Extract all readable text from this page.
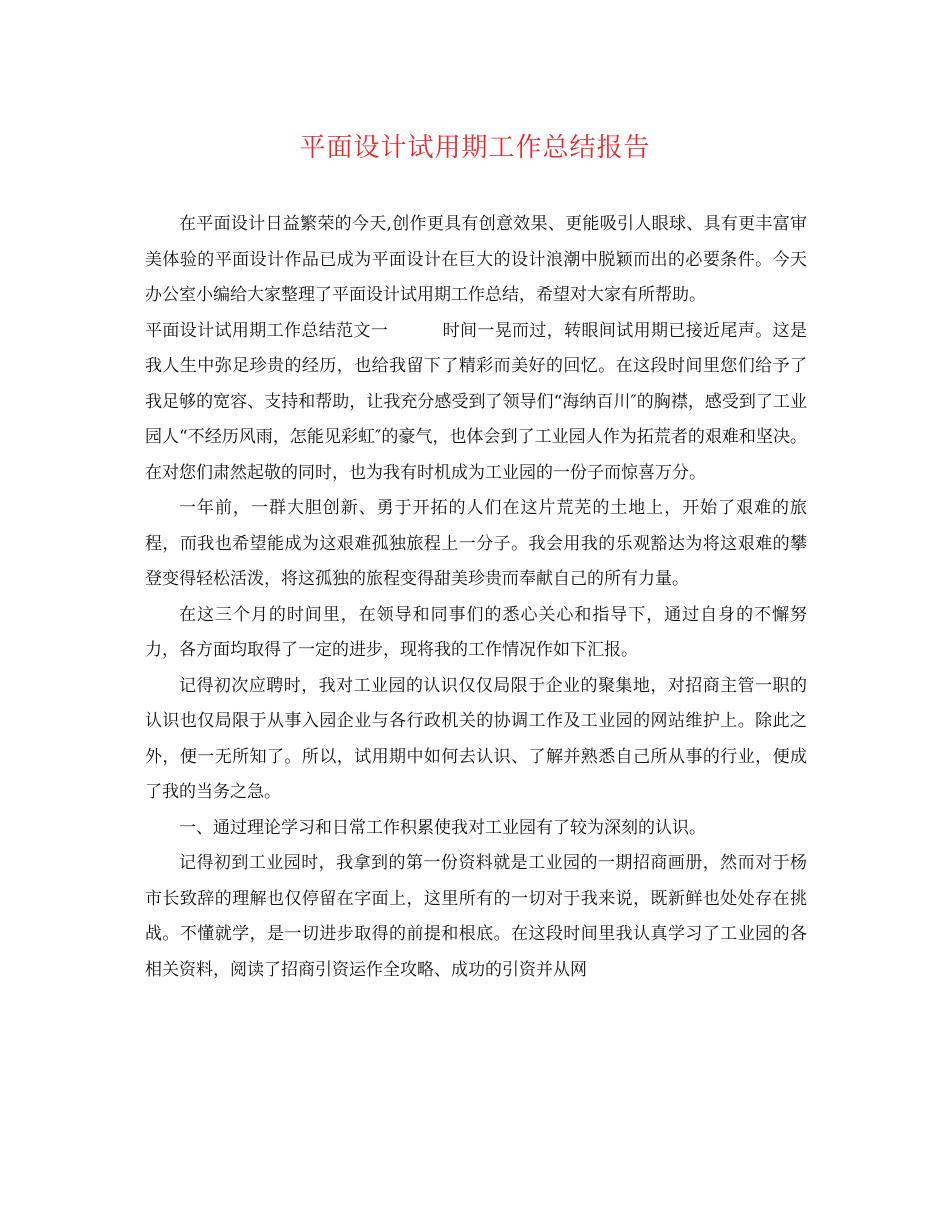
平面设计试用期工作总结报告

在平面设计日益繁荣的今天,创作更具有创意效果、更能吸引人眼球、具有更丰富审美体验的平面设计作品已成为平面设计在巨大的设计浪潮中脱颖而出的必要条件。今天办公室小编给大家整理了平面设计试用期工作总结，希望对大家有所帮助。

平面设计试用期工作总结范文一	时间一晃而过，转眼间试用期已接近尾声。这是我人生中弥足珍贵的经历，也给我留下了精彩而美好的回忆。在这段时间里您们给予了我足够的宽容、支持和帮助，让我充分感受到了领导们“海纳百川″的胸襟，感受到了工业园人“不经历风雨，怎能见彩虹″的豪气，也体会到了工业园人作为拓荒者的艰难和坚决。在对您们肃然起敬的同时，也为我有时机成为工业园的一份子而惊喜万分。

一年前，一群大胆创新、勇于开拓的人们在这片荒芜的土地上，开始了艰难的旅程，而我也希望能成为这艰难孤独旅程上一分子。我会用我的乐观豁达为将这艰难的攀登变得轻松活泼，将这孤独的旅程变得甜美珍贵而奉献自己的所有力量。

在这三个月的时间里，在领导和同事们的悉心关心和指导下，通过自身的不懈努力，各方面均取得了一定的进步，现将我的工作情况作如下汇报。

记得初次应聘时，我对工业园的认识仅仅局限于企业的聚集地，对招商主管一职的认识也仅局限于从事入园企业与各行政机关的协调工作及工业园的网站维护上。除此之外，便一无所知了。所以，试用期中如何去认识、了解并熟悉自己所从事的行业，便成了我的当务之急。

一、通过理论学习和日常工作积累使我对工业园有了较为深刻的认识。

记得初到工业园时，我拿到的第一份资料就是工业园的一期招商画册，然而对于杨市长致辞的理解也仅停留在字面上，这里所有的一切对于我来说，既新鲜也处处存在挑战。不懂就学，是一切进步取得的前提和根底。在这段时间里我认真学习了工业园的各相关资料，阅读了招商引资运作全攻略、成功的引资并从网
